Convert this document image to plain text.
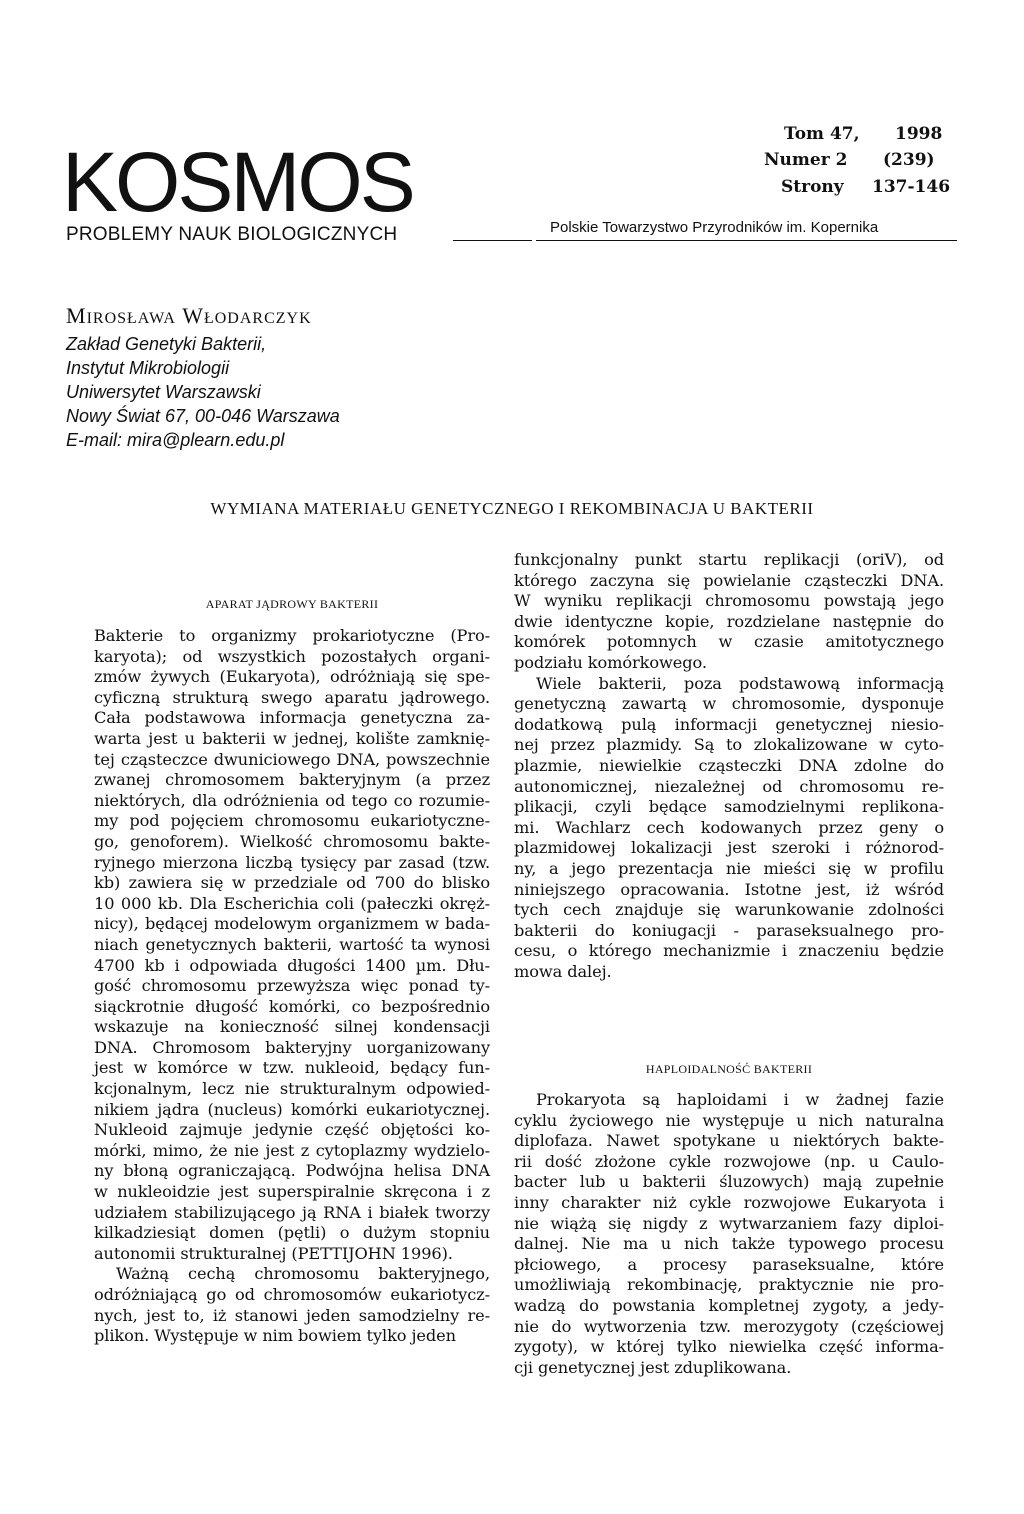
KOSMOS
PROBLEMY NAUK BIOLOGICZNYCH
Tom 47, 1998
Numer 2 (239)
Strony 137-146
Polskie Towarzystwo Przyrodników im. Kopernika
MIROSŁAWA WŁODARCZYK
Zakład Genetyki Bakterii,
Instytut Mikrobiologii
Uniwersytet Warszawski
Nowy Świat 67, 00-046 Warszawa
E-mail: mira@plearn.edu.pl
WYMIANA MATERIAŁU GENETYCZNEGO I REKOMBINACJA U BAKTERII
APARAT JĄDROWY BAKTERII
Bakterie to organizmy prokariotyczne (Pro-
karyota); od wszystkich pozostałych organi-
zmów żywych (Eukaryota), odróżniają się spe-
cyficzną strukturą swego aparatu jądrowego.
Cała podstawowa informacja genetyczna za-
warta jest u bakterii w jednej, kolište zamknię-
tej cząsteczce dwuniciowego DNA, powszechnie
zwanej chromosomem bakteryjnym (a przez
niektórych, dla odróżnienia od tego co rozumie-
my pod pojęciem chromosomu eukariotyczne-
go, genoforem). Wielkość chromosomu bakte-
ryjnego mierzona liczbą tysięcy par zasad (tzw.
kb) zawiera się w przedziale od 700 do blisko
10 000 kb. Dla Escherichia coli (pałeczki okręż-
nicy), będącej modelowym organizmem w bada-
niach genetycznych bakterii, wartość ta wynosi
4700 kb i odpowiada długości 1400 µm. Dłu-
gość chromosomu przewyższa więc ponad ty-
siąckrotnie długość komórki, co bezpośrednio
wskazuje na konieczność silnej kondensacji
DNA. Chromosom bakteryjny uorganizowany
jest w komórce w tzw. nukleoid, będący fun-
kcjonalnym, lecz nie strukturalnym odpowied-
nikiem jądra (nucleus) komórki eukariotycznej.
Nukleoid zajmuje jedynie część objętości ko-
mórki, mimo, że nie jest z cytoplazmy wydzielo-
ny błoną ograniczającą. Podwójna helisa DNA
w nukleoidzie jest superspiralnie skręcona i z
udziałem stabilizującego ją RNA i białek tworzy
kilkadziesiąt domen (pętli) o dużym stopniu
autonomii strukturalnej (PETTIJOHN 1996).
Ważną cechą chromosomu bakteryjnego,
odróżniającą go od chromosomów eukariotycz-
nych, jest to, iż stanowi jeden samodzielny re-
plikon. Występuje w nim bowiem tylko jeden
funkcjonalny punkt startu replikacji (oriV), od
którego zaczyna się powielanie cząsteczki DNA.
W wyniku replikacji chromosomu powstają jego
dwie identyczne kopie, rozdzielane następnie do
komórek potomnych w czasie amitotycznego
podziału komórkowego.
Wiele bakterii, poza podstawową informacją
genetyczną zawartą w chromosomie, dysponuje
dodatkową pulą informacji genetycznej niesio-
nej przez plazmidy. Są to zlokalizowane w cyto-
plazmie, niewielkie cząsteczki DNA zdolne do
autonomicznej, niezależnej od chromosomu re-
plikacji, czyli będące samodzielnymi replikona-
mi. Wachlarz cech kodowanych przez geny o
plazmidowej lokalizacji jest szeroki i różnorod-
ny, a jego prezentacja nie mieści się w profilu
niniejszego opracowania. Istotne jest, iż wśród
tych cech znajduje się warunkowanie zdolności
bakterii do koniugacji - paraseksualnego pro-
cesu, o którego mechanizmie i znaczeniu będzie
mowa dalej.
HAPLOIDALNOŚĆ BAKTERII
Prokaryota są haploidami i w żadnej fazie
cyklu życiowego nie występuje u nich naturalna
diplofaza. Nawet spotykane u niektórych bakte-
rii dość złożone cykle rozwojowe (np. u Caulo-
bacter lub u bakterii śluzowych) mają zupełnie
inny charakter niż cykle rozwojowe Eukaryota i
nie wiążą się nigdy z wytwarzaniem fazy diploi-
dalnej. Nie ma u nich także typowego procesu
płciowego, a procesy paraseksualne, które
umożliwiają rekombinację, praktycznie nie pro-
wadzą do powstania kompletnej zygoty, a jedy-
nie do wytworzenia tzw. merozygoty (częściowej
zygoty), w której tylko niewielka część informa-
cji genetycznej jest zduplikowana.
